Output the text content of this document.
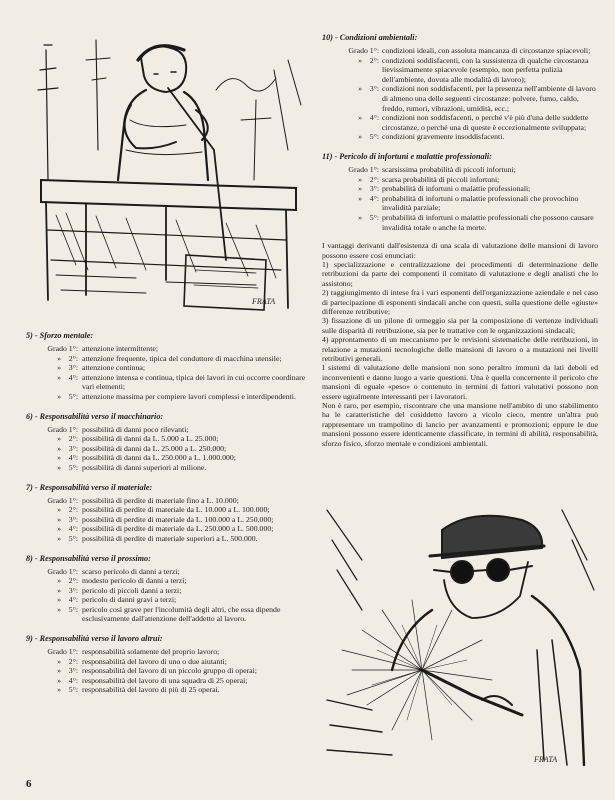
FRATA
FRATA

5) - Sforzo mentale:

Grado 1°: attenzione intermittente;
»    2°: attenzione frequente, tipica del conduttore di macchina utensile;
»    3°: attenzione continua;
»    4°: attenzione intensa e continua, tipica dei lavori in cui occorre coordinare vari elementi;
»    5°: attenzione massima per compiere lavori complessi e interdipendenti.

6) - Responsabilità verso il macchinario:

Grado 1°: possibilità di danni poco rilevanti;
»    2°: possibilità di danni da L. 5.000 a L. 25.000;
»    3°: possibilità di danni da L. 25.000 a L. 250.000;
»    4°: possibilità di danni da L. 250.000 a L. 1.000.000;
»    5°: possibilità di danni superiori al milione.

7) - Responsabilità verso il materiale:

Grado 1°: possibilità di perdite di materiale fino a L. 10.000;
»    2°: possibilità di perdite di materiale da L. 10.000 a L. 100.000;
»    3°: possibilità di perdite di materiale da L. 100.000 a L. 250.000;
»    4°: possibilità di perdite di materiale da L. 250.000 a L. 500.000;
»    5°: possibilità di perdite di materiale superiori a L. 500.000.

8) - Responsabilità verso il prossimo:

Grado 1°: scarso pericolo di danni a terzi;
»    2°: modesto pericolo di danni a terzi;
»    3°: pericolo di piccoli danni a terzi;
»    4°: pericolo di danni gravi a terzi;
»    5°: pericolo così grave per l'incolumità degli altri, che essa dipende esclusivamente dall'attenzione dell'addetto al lavoro.

9) - Responsabilità verso il lavoro altrui:

Grado 1°: responsabilità solamente del proprio lavoro;
»    2°: responsabilità del lavoro di uno o due aiutanti;
»    3°: responsabilità del lavoro di un piccolo gruppo di operai;
»    4°: responsabilità del lavoro di una squadra di 25 operai;
»    5°: responsabilità del lavoro di più di 25 operai.

10) - Condizioni ambientali:

Grado 1°: condizioni ideali, con assoluta mancanza di circostanze spiacevoli;
»    2°: condizioni soddisfacenti, con la sussistenza di qualche circostanza lievissimamente spiacevole (esempio, non perfetta pulizia dell'ambiente, dovuta alle modalità di lavoro);
»    3°: condizioni non soddisfacenti, per la presenza nell'ambiente di lavoro di almeno una delle seguenti circostanze: polvere, fumo, caldo, freddo, rumori, vibrazioni, umidità, ecc.;
»    4°: condizioni non soddisfacenti, o perché v'è più d'una delle suddette circostanze, o perché una di queste è eccezionalmente sviluppata;
»    5°: condizioni gravemente insoddisfacenti.

11) - Pericolo di infortuni e malattie professionali:

Grado 1°: scarsissima probabilità di piccoli infortuni;
»    2°: scarsa probabilità di piccoli infortuni;
»    3°: probabilità di infortuni o malattie professionali;
»    4°: probabilità di infortuni o malattie professionali che provochino invalidità parziale;
»    5°: probabilità di infortuni o malattie professionali che possono causare invalidità totale o anche la morte.

I vantaggi derivanti dall'esistenza di una scala di valutazione delle mansioni di lavoro possono essere così enunciati:

1) specializzazione e centralizzazione dei procedimenti di determinazione delle retribuzioni da parte dei componenti il comitato di valutazione e degli analisti che lo assistono;

2) raggiungimento di intese fra i vari esponenti dell'organizzazione aziendale e nel caso di partecipazione di esponenti sindacali anche con questi, sulla questione delle «giuste» differenze retributive;

3) fissazione di un pilone di ormeggio sia per la composizione di vertenze individuali sulle disparità di retribuzione, sia per le trattative con le organizzazioni sindacali;

4) approntamento di un meccanismo per le revisioni sistematiche delle retribuzioni, in relazione a mutazioni tecnologiche delle mansioni di lavoro o a mutazioni nei livelli retributivi generali.

I sistemi di valutazione delle mansioni non sono peraltro immuni da lati deboli ed inconvenienti e danno luogo a varie questioni. Una è quella concernente il pericolo che mansioni di eguale «peso» o contenuto in termini di fattori valutativi possono non essere ugualmente interessanti per i lavoratori.

Non è raro, per esempio, riscontrare che una mansione nell'ambito di uno stabilimento ha le caratteristiche del cosiddetto lavoro a vicolo cieco, mentre un'altra può rappresentare un trampolino di lancio per avanzamenti e promozioni; eppure le due mansioni possono essere identicamente classificate, in termini di abilità, responsabilità, sforzo fisico, sforzo mentale e condizioni ambientali.

6
